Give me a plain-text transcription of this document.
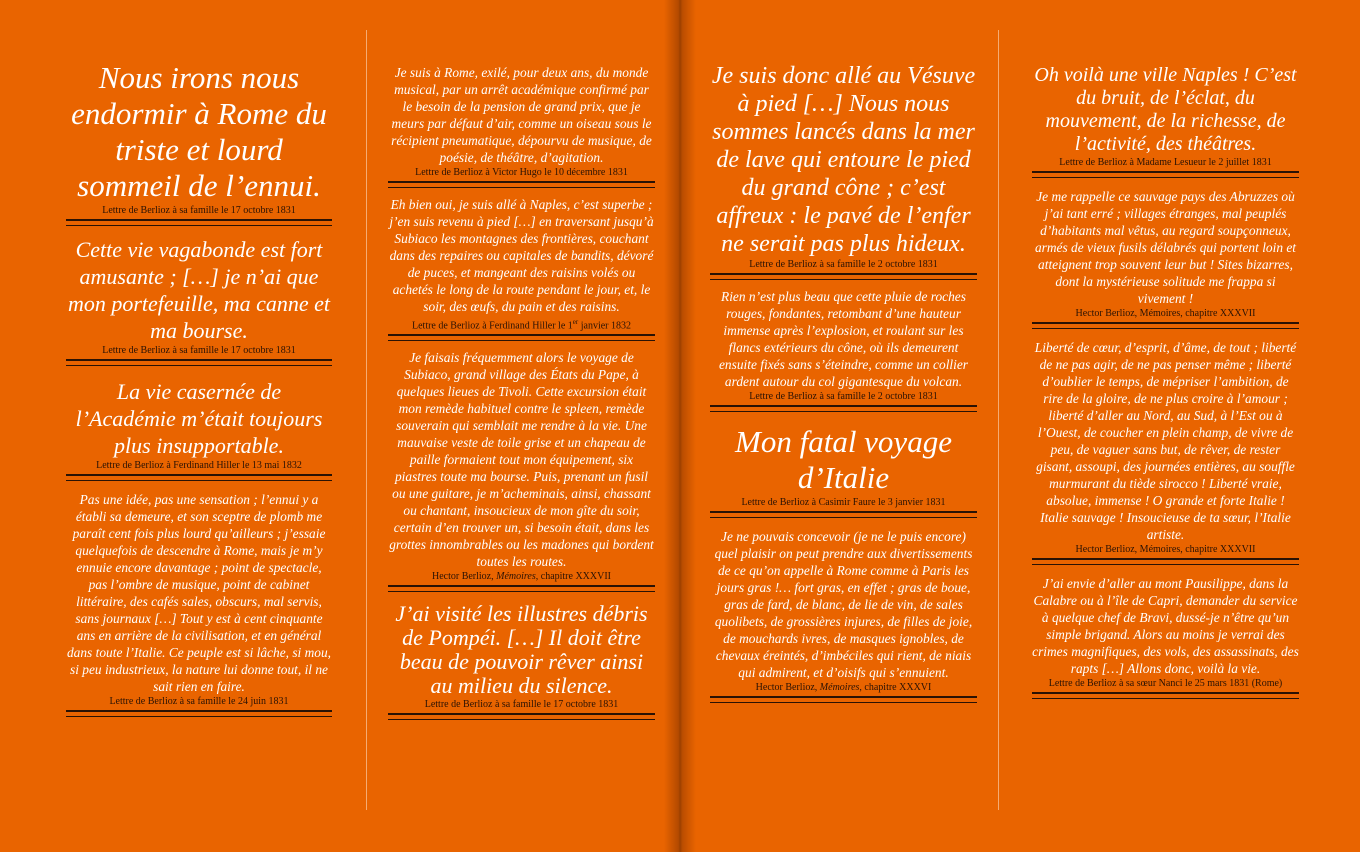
Nous irons nous endormir à Rome du triste et lourd sommeil de l’ennui.

Lettre de Berlioz à sa famille le 17 octobre 1831

Cette vie vagabonde est fort amusante ; […] je n’ai que mon portefeuille, ma canne et ma bourse.

Lettre de Berlioz à sa famille le 17 octobre 1831

La vie casernée de l’Académie m’était toujours plus insupportable.

Lettre de Berlioz à Ferdinand Hiller le 13 mai 1832

Pas une idée, pas une sensation ; l’ennui y a établi sa demeure, et son sceptre de plomb me paraît cent fois plus lourd qu’ailleurs ; j’essaie quelquefois de descendre à Rome, mais je m’y ennuie encore davantage ; point de spectacle, pas l’ombre de musique, point de cabinet littéraire, des cafés sales, obscurs, mal servis, sans journaux […] Tout y est à cent cinquante ans en arrière de la civilisation, et en général dans toute l’Italie. Ce peuple est si lâche, si mou, si peu industrieux, la nature lui donne tout, il ne sait rien en faire.

Lettre de Berlioz à sa famille le 24 juin 1831

Je suis à Rome, exilé, pour deux ans, du monde musical, par un arrêt académique confirmé par le besoin de la pension de grand prix, que je meurs par défaut d’air, comme un oiseau sous le récipient pneumatique, dépourvu de musique, de poésie, de théâtre, d’agitation.

Lettre de Berlioz à Victor Hugo le 10 décembre 1831

Eh bien oui, je suis allé à Naples, c’est superbe ; j’en suis revenu à pied […] en traversant jusqu’à Subiaco les montagnes des frontières, couchant dans des repaires ou capitales de bandits, dévoré de puces, et mangeant des raisins volés ou achetés le long de la route pendant le jour, et, le soir, des œufs, du pain et des raisins.

Lettre de Berlioz à Ferdinand Hiller le 1er janvier 1832

Je faisais fréquemment alors le voyage de Subiaco, grand village des États du Pape, à quelques lieues de Tivoli. Cette excursion était mon remède habituel contre le spleen, remède souverain qui semblait me rendre à la vie. Une mauvaise veste de toile grise et un chapeau de paille formaient tout mon équipement, six piastres toute ma bourse. Puis, prenant un fusil ou une guitare, je m’acheminais, ainsi, chassant ou chantant, insoucieux de mon gîte du soir, certain d’en trouver un, si besoin était, dans les grottes innombrables ou les madones qui bordent toutes les routes.

Hector Berlioz, Mémoires, chapitre XXXVII

J’ai visité les illustres débris de Pompéi. […] Il doit être beau de pouvoir rêver ainsi au milieu du silence.

Lettre de Berlioz à sa famille le 17 octobre 1831

Je suis donc allé au Vésuve à pied […] Nous nous sommes lancés dans la mer de lave qui entoure le pied du grand cône ; c’est affreux : le pavé de l’enfer ne serait pas plus hideux.

Lettre de Berlioz à sa famille le 2 octobre 1831

Rien n’est plus beau que cette pluie de roches rouges, fondantes, retombant d’une hauteur immense après l’explosion, et roulant sur les flancs extérieurs du cône, où ils demeurent ensuite fixés sans s’éteindre, comme un collier ardent autour du col gigantesque du volcan.

Lettre de Berlioz à sa famille le 2 octobre 1831

Mon fatal voyage d’Italie

Lettre de Berlioz à Casimir Faure le 3 janvier 1831

Je ne pouvais concevoir (je ne le puis encore) quel plaisir on peut prendre aux divertissements de ce qu’on appelle à Rome comme à Paris les jours gras !… fort gras, en effet ; gras de boue, gras de fard, de blanc, de lie de vin, de sales quolibets, de grossières injures, de filles de joie, de mouchards ivres, de masques ignobles, de chevaux éreintés, d’imbéciles qui rient, de niais qui admirent, et d’oisifs qui s’ennuient.

Hector Berlioz, Mémoires, chapitre XXXVI

Oh voilà une ville Naples ! C’est du bruit, de l’éclat, du mouvement, de la richesse, de l’activité, des théâtres.

Lettre de Berlioz à Madame Lesueur le 2 juillet 1831

Je me rappelle ce sauvage pays des Abruzzes où j’ai tant erré ; villages étranges, mal peuplés d’habitants mal vêtus, au regard soupçonneux, armés de vieux fusils délabrés qui portent loin et atteignent trop souvent leur but ! Sites bizarres, dont la mystérieuse solitude me frappa si vivement !

Hector Berlioz, Mémoires, chapitre XXXVII

Liberté de cœur, d’esprit, d’âme, de tout ; liberté de ne pas agir, de ne pas penser même ; liberté d’oublier le temps, de mépriser l’ambition, de rire de la gloire, de ne plus croire à l’amour ; liberté d’aller au Nord, au Sud, à l’Est ou à l’Ouest, de coucher en plein champ, de vivre de peu, de vaguer sans but, de rêver, de rester gisant, assoupi, des journées entières, au souffle murmurant du tiède sirocco ! Liberté vraie, absolue, immense ! O grande et forte Italie ! Italie sauvage ! Insoucieuse de ta sœur, l’Italie artiste.

Hector Berlioz, Mémoires, chapitre XXXVII

J’ai envie d’aller au mont Pausilippe, dans la Calabre ou à l’île de Capri, demander du service à quelque chef de Bravi, dussé-je n’être qu’un simple brigand. Alors au moins je verrai des crimes magnifiques, des vols, des assassinats, des rapts […] Allons donc, voilà la vie.

Lettre de Berlioz à sa sœur Nanci le 25 mars 1831 (Rome)
